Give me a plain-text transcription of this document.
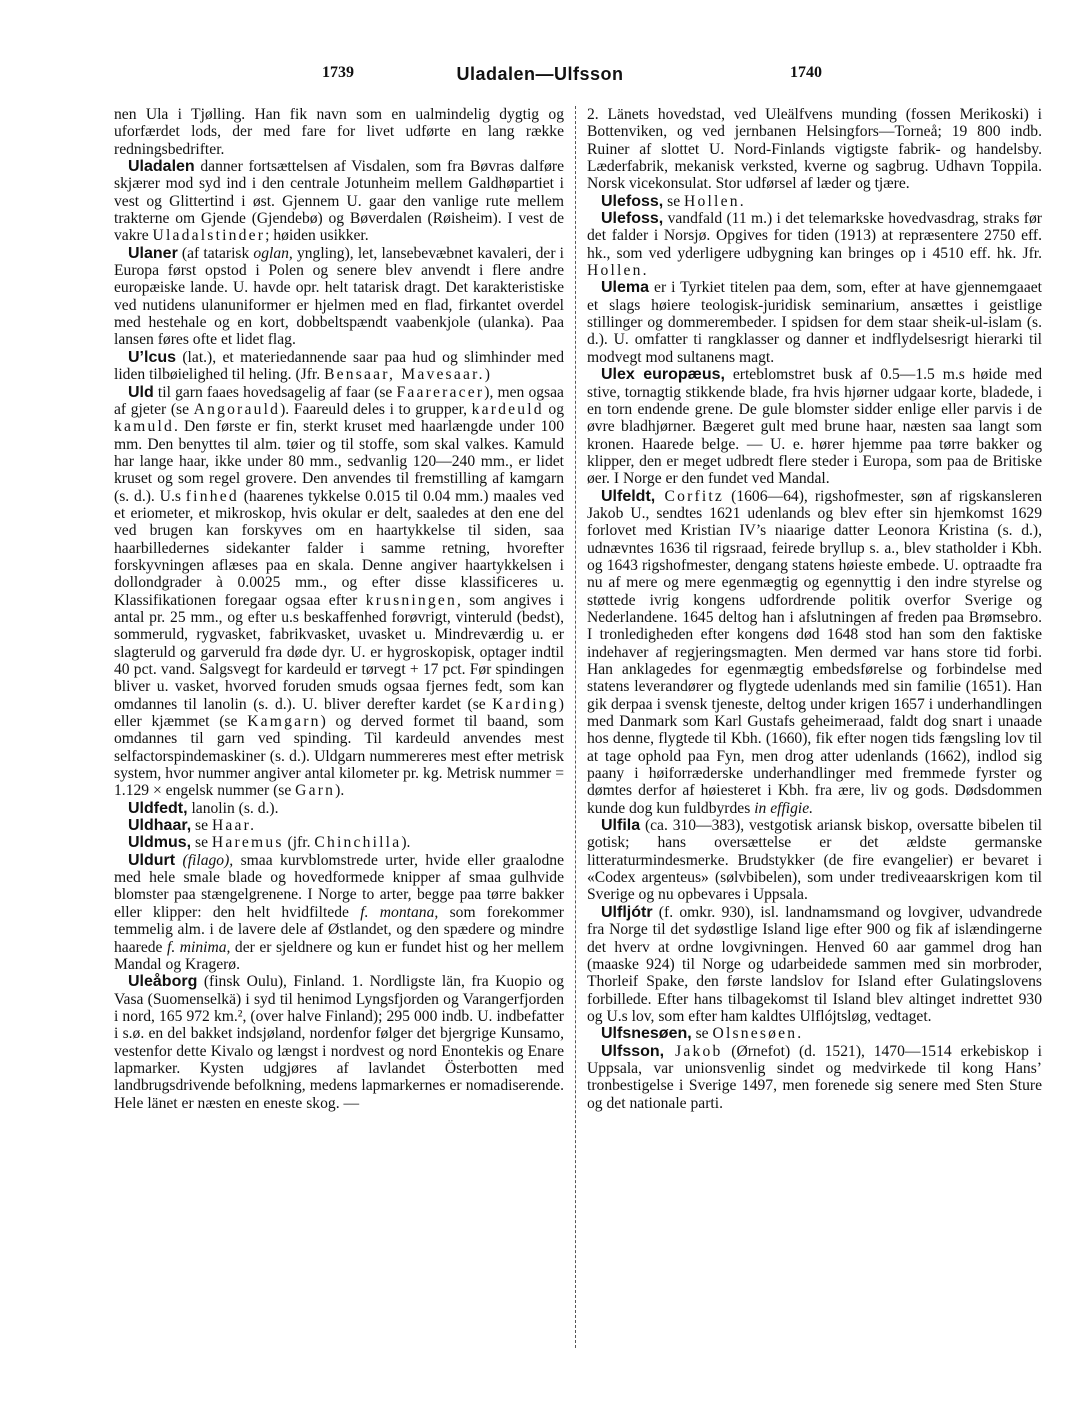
1739	Uladalen—Ulfsson	1740

nen Ula i Tjølling. Han fik navn som en ualmindelig dygtig og uforfærdet lods, der med fare for livet udførte en lang række redningsbedrifter.

Uladalen danner fortsættelsen af Visdalen, som fra Bøvras dalføre skjærer mod syd ind i den centrale Jotunheim mellem Galdhøpartiet i vest og Glittertind i øst. Gjennem U. gaar den vanlige rute mellem trakterne om Gjende (Gjendebø) og Bøverdalen (Røisheim). I vest de vakre Uladalstinder; høiden usikker.

Ulaner (af tatarisk oglan, yngling), let, lansebevæbnet kavaleri, der i Europa først opstod i Polen og senere blev anvendt i flere andre europæiske lande. U. havde opr. helt tatarisk dragt. Det karakteristiske ved nutidens ulanuniformer er hjelmen med en flad, firkantet overdel med hestehale og en kort, dobbeltspændt vaabenkjole (ulanka). Paa lansen føres ofte et lidet flag.

U’lcus (lat.), et materiedannende saar paa hud og slimhinder med liden tilbøielighed til heling. (Jfr. Bensaar, Mavesaar.)

Uld til garn faaes hovedsagelig af faar (se Faareracer), men ogsaa af gjeter (se Angorauld). Faareuld deles i to grupper, kardeuld og kamuld. Den første er fin, sterkt kruset med haarlængde under 100 mm. Den benyttes til alm. tøier og til stoffe, som skal valkes. Kamuld har lange haar, ikke under 80 mm., sedvanlig 120—240 mm., er lidet kruset og som regel grovere. Den anvendes til fremstilling af kamgarn (s. d.). U.s finhed (haarenes tykkelse 0.015 til 0.04 mm.) maales ved et eriometer, et mikroskop, hvis okular er delt, saaledes at den ene del ved brugen kan forskyves om en haartykkelse til siden, saa haarbilledernes sidekanter falder i samme retning, hvorefter forskyvningen aflæses paa en skala. Denne angiver haartykkelsen i dollondgrader à 0.0025 mm., og efter disse klassificeres u. Klassifikationen foregaar ogsaa efter krusningen, som angives i antal pr. 25 mm., og efter u.s beskaffenhed forøvrigt, vinteruld (bedst), sommeruld, rygvasket, fabrikvasket, uvasket u. Mindreværdig u. er slagteruld og garveruld fra døde dyr. U. er hygroskopisk, optager indtil 40 pct. vand. Salgsvegt for kardeuld er tørvegt + 17 pct. Før spindingen bliver u. vasket, hvorved foruden smuds ogsaa fjernes fedt, som kan omdannes til lanolin (s. d.). U. bliver derefter kardet (se Karding) eller kjæmmet (se Kamgarn) og derved formet til baand, som omdannes til garn ved spinding. Til kardeuld anvendes mest selfactorspindemaskiner (s. d.). Uldgarn nummereres mest efter metrisk system, hvor nummer angiver antal kilometer pr. kg. Metrisk nummer = 1.129 × engelsk nummer (se Garn).

Uldfedt, lanolin (s. d.).

Uldhaar, se Haar.

Uldmus, se Haremus (jfr. Chinchilla).

Uldurt (filago), smaa kurvblomstrede urter, hvide eller graalodne med hele smale blade og hovedformede knipper af smaa gulhvide blomster paa stængelgrenene. I Norge to arter, begge paa tørre bakker eller klipper: den helt hvidfiltede f. montana, som forekommer temmelig alm. i de lavere dele af Østlandet, og den spædere og mindre haarede f. minima, der er sjeldnere og kun er fundet hist og her mellem Mandal og Kragerø.

Uleåborg (finsk Oulu), Finland. 1. Nordligste län, fra Kuopio og Vasa (Suomenselkä) i syd til henimod Lyngsfjorden og Varangerfjorden i nord, 165 972 km.², (over halve Finland); 295 000 indb. U. indbefatter i s.ø. en del bakket indsjøland, nordenfor følger det bjergrige Kunsamo, vestenfor dette Kivalo og længst i nordvest og nord Enontekis og Enare lapmarker. Kysten udgjøres af lavlandet Österbotten med landbrugsdrivende befolkning, medens lapmarkernes er nomadiserende. Hele länet er næsten en eneste skog. —

2. Länets hovedstad, ved Uleälfvens munding (fossen Merikoski) i Bottenviken, og ved jernbanen Helsingfors—Torneå; 19 800 indb. Ruiner af slottet U. Nord-Finlands vigtigste fabrik- og handelsby. Læderfabrik, mekanisk verksted, kverne og sagbrug. Udhavn Toppila. Norsk vicekonsulat. Stor udførsel af læder og tjære.

Ulefoss, se Hollen.

Ulefoss, vandfald (11 m.) i det telemarkske hovedvasdrag, straks før det falder i Norsjø. Opgives for tiden (1913) at repræsentere 2750 eff. hk., som ved yderligere udbygning kan bringes op i 4510 eff. hk. Jfr. Hollen.

Ulema er i Tyrkiet titelen paa dem, som, efter at have gjennemgaaet et slags høiere teologisk-juridisk seminarium, ansættes i geistlige stillinger og dommerembeder. I spidsen for dem staar sheik-ul-islam (s. d.). U. omfatter ti rangklasser og danner et indflydelsesrigt hierarki til modvegt mod sultanens magt.

Ulex europæus, erteblomstret busk af 0.5—1.5 m.s høide med stive, tornagtig stikkende blade, fra hvis hjørner udgaar korte, bladede, i en torn endende grene. De gule blomster sidder enlige eller parvis i de øvre bladhjørner. Bægeret gult med brune haar, næsten saa langt som kronen. Haarede belge. — U. e. hører hjemme paa tørre bakker og klipper, den er meget udbredt flere steder i Europa, som paa de Britiske øer. I Norge er den fundet ved Mandal.

Ulfeldt, Corfitz (1606—64), rigshofmester, søn af rigskansleren Jakob U., sendtes 1621 udenlands og blev efter sin hjemkomst 1629 forlovet med Kristian IV’s niaarige datter Leonora Kristina (s. d.), udnævntes 1636 til rigsraad, feirede bryllup s. a., blev statholder i Kbh. og 1643 rigshofmester, dengang statens høieste embede. U. optraadte fra nu af mere og mere egenmægtig og egennyttig i den indre styrelse og støttede ivrig kongens udfordrende politik overfor Sverige og Nederlandene. 1645 deltog han i afslutningen af freden paa Brømsebro. I tronledigheden efter kongens død 1648 stod han som den faktiske indehaver af regjeringsmagten. Men dermed var hans store tid forbi. Han anklagedes for egenmægtig embedsførelse og forbindelse med statens leverandører og flygtede udenlands med sin familie (1651). Han gik derpaa i svensk tjeneste, deltog under krigen 1657 i underhandlingen med Danmark som Karl Gustafs geheimeraad, faldt dog snart i unaade hos denne, flygtede til Kbh. (1660), fik efter nogen tids fængsling lov til at tage ophold paa Fyn, men drog atter udenlands (1662), indlod sig paany i høiforræderske underhandlinger med fremmede fyrster og dømtes derfor af høiesteret i Kbh. fra ære, liv og gods. Dødsdommen kunde dog kun fuldbyrdes in effigie.

Ulfila (ca. 310—383), vestgotisk ariansk biskop, oversatte bibelen til gotisk; hans oversættelse er det ældste germanske litteraturmindesmerke. Brudstykker (de fire evangelier) er bevaret i «Codex argenteus» (sølvbibelen), som under trediveaarskrigen kom til Sverige og nu opbevares i Uppsala.

Ulfljótr (f. omkr. 930), isl. landnamsmand og lovgiver, udvandrede fra Norge til det sydøstlige Island lige efter 900 og fik af islændingerne det hverv at ordne lovgivningen. Henved 60 aar gammel drog han (maaske 924) til Norge og udarbeidede sammen med sin morbroder, Thorleif Spake, den første landslov for Island efter Gulatingslovens forbillede. Efter hans tilbagekomst til Island blev altinget indrettet 930 og U.s lov, som efter ham kaldtes Ulflójtsløg, vedtaget.

Ulfsnesøen, se Olsnesøen.

Ulfsson, Jakob (Ørnefot) (d. 1521), 1470—1514 erkebiskop i Uppsala, var unionsvenlig sindet og medvirkede til kong Hans’ tronbestigelse i Sverige 1497, men forenede sig senere med Sten Sture og det nationale parti.
